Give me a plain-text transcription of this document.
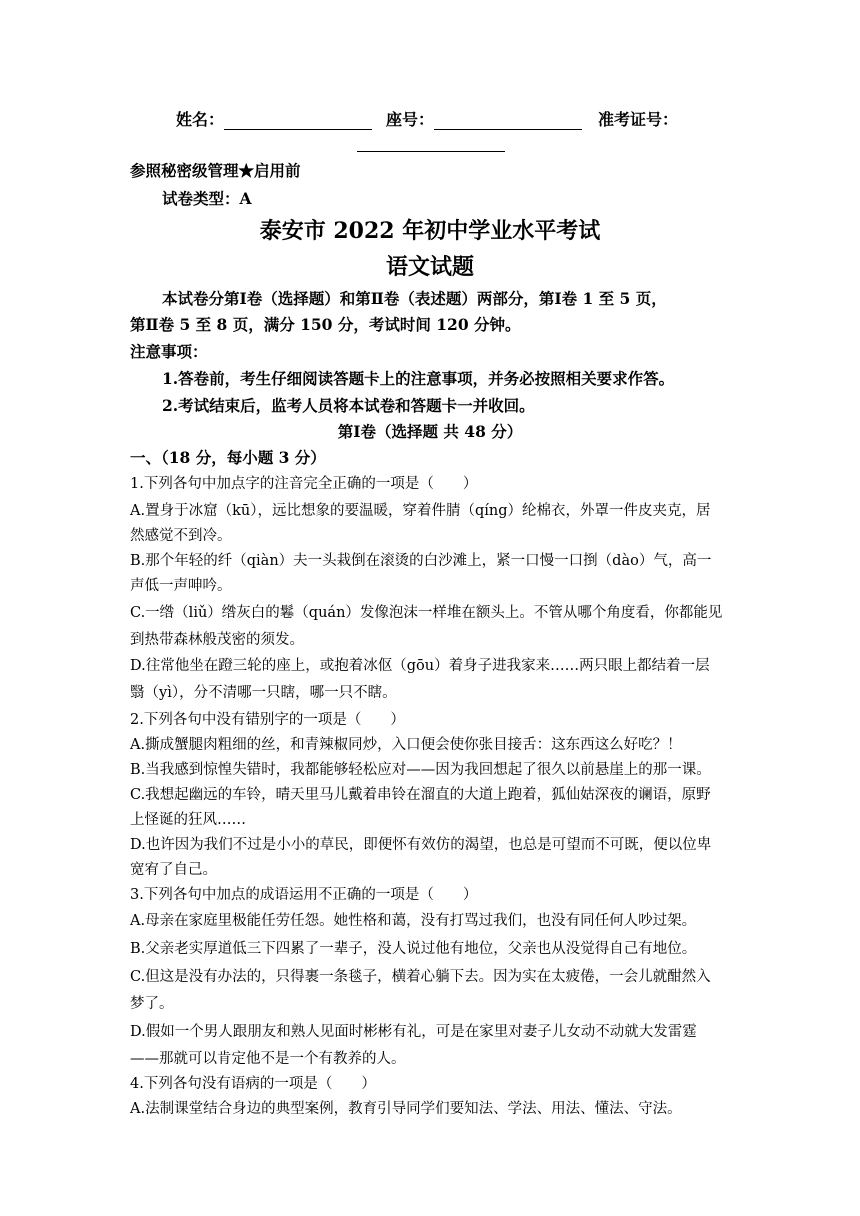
姓名：	座号：	准考证号：
参照秘密级管理★启用前
试卷类型：A
泰安市 2022 年初中学业水平考试
语文试题
本试卷分第Ⅰ卷（选择题）和第Ⅱ卷（表述题）两部分，第Ⅰ卷 1 至 5 页，
第Ⅱ卷 5 至 8 页，满分 150 分，考试时间 120 分钟。
注意事项：
1.答卷前，考生仔细阅读答题卡上的注意事项，并务必按照相关要求作答。
2.考试结束后，监考人员将本试卷和答题卡一并收回。
第Ⅰ卷（选择题 共 48 分）
一、（18 分，每小题 3 分）
1.下列各句中加点字的注音完全正确的一项是（　　）
A.置身于冰窟（kū），远比想象的要温暖，穿着件腈（qíng）纶棉衣，外罩一件皮夹克，居
然感觉不到冷。
B.那个年轻的纤（qiàn）夫一头栽倒在滚烫的白沙滩上，紧一口慢一口捯（dào）气，高一
声低一声呻吟。
C.一绺（liǔ）绺灰白的鬈（quán）发像泡沫一样堆在额头上。不管从哪个角度看，你都能见
到热带森林般茂密的须发。
D.往常他坐在蹬三轮的座上，或抱着冰伛（gōu）着身子进我家来……两只眼上都结着一层
翳（yì），分不清哪一只瞎，哪一只不瞎。
2.下列各句中没有错别字的一项是（　　）
A.撕成蟹腿肉粗细的丝，和青辣椒同炒，入口便会使你张目接舌：这东西这么好吃？！
B.当我感到惊惶失错时，我都能够轻松应对——因为我回想起了很久以前悬崖上的那一课。
C.我想起幽远的车铃，晴天里马儿戴着串铃在溜直的大道上跑着，狐仙姑深夜的谰语，原野
上怪诞的狂风……
D.也许因为我们不过是小小的草民，即便怀有效仿的渴望，也总是可望而不可既，便以位卑
宽宥了自己。
3.下列各句中加点的成语运用不正确的一项是（　　）
A.母亲在家庭里极能任劳任怨。她性格和蔼，没有打骂过我们，也没有同任何人吵过架。
B.父亲老实厚道低三下四累了一辈子，没人说过他有地位，父亲也从没觉得自己有地位。
C.但这是没有办法的，只得裹一条毯子，横着心躺下去。因为实在太疲倦，一会儿就酣然入
梦了。
D.假如一个男人跟朋友和熟人见面时彬彬有礼，可是在家里对妻子儿女动不动就大发雷霆
——那就可以肯定他不是一个有教养的人。
4.下列各句没有语病的一项是（　　）
A.法制课堂结合身边的典型案例，教育引导同学们要知法、学法、用法、懂法、守法。
